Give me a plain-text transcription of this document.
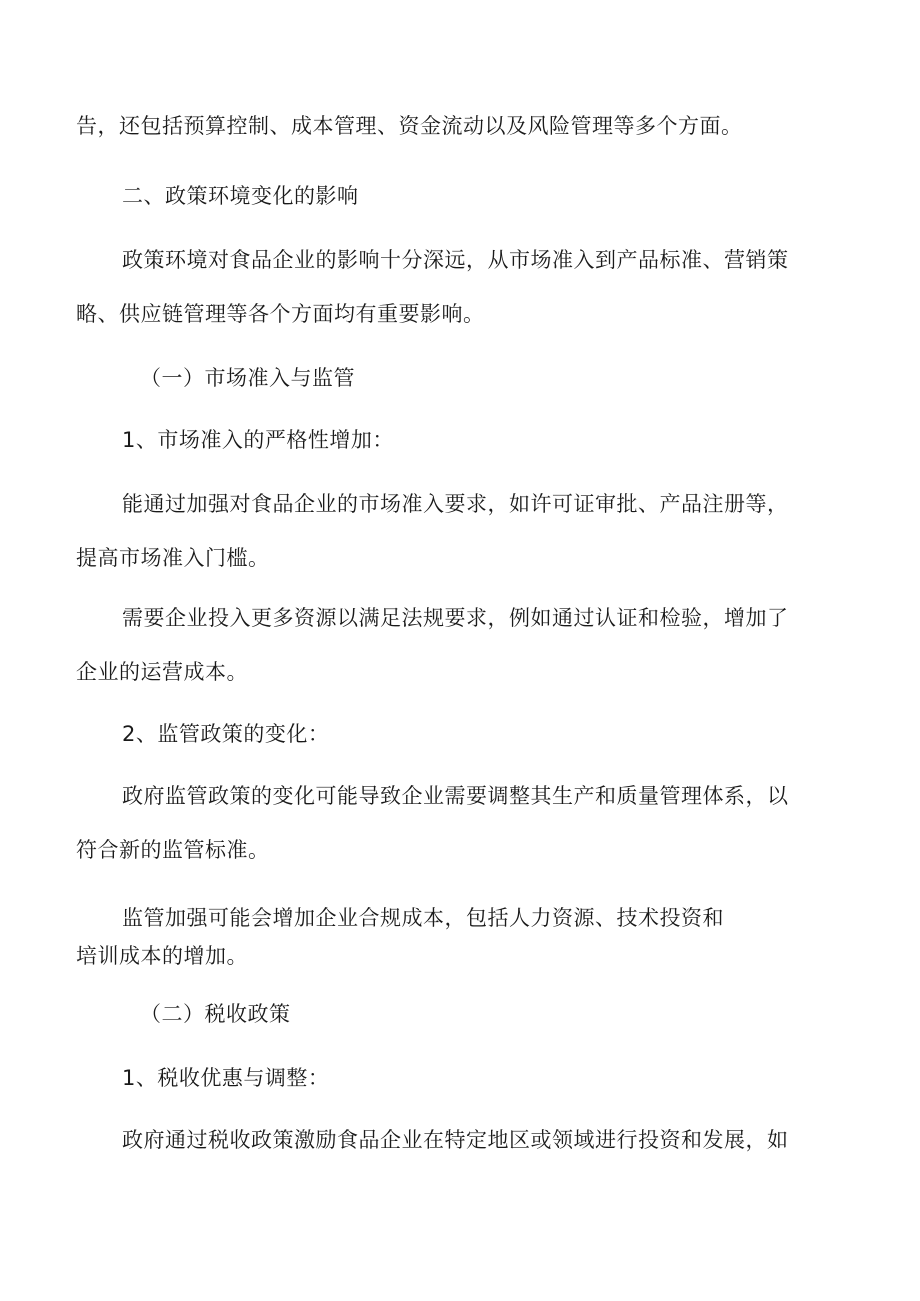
告，还包括预算控制、成本管理、资金流动以及风险管理等多个方面。
二、政策环境变化的影响
政策环境对食品企业的影响十分深远，从市场准入到产品标准、营销策
略、供应链管理等各个方面均有重要影响。
（一）市场准入与监管
1、市场准入的严格性增加：
能通过加强对食品企业的市场准入要求，如许可证审批、产品注册等，
提高市场准入门槛。
需要企业投入更多资源以满足法规要求，例如通过认证和检验，增加了
企业的运营成本。
2、监管政策的变化：
政府监管政策的变化可能导致企业需要调整其生产和质量管理体系，以
符合新的监管标准。
监管加强可能会增加企业合规成本，包括人力资源、技术投资和
培训成本的增加。
（二）税收政策
1、税收优惠与调整：
政府通过税收政策激励食品企业在特定地区或领域进行投资和发展，如
